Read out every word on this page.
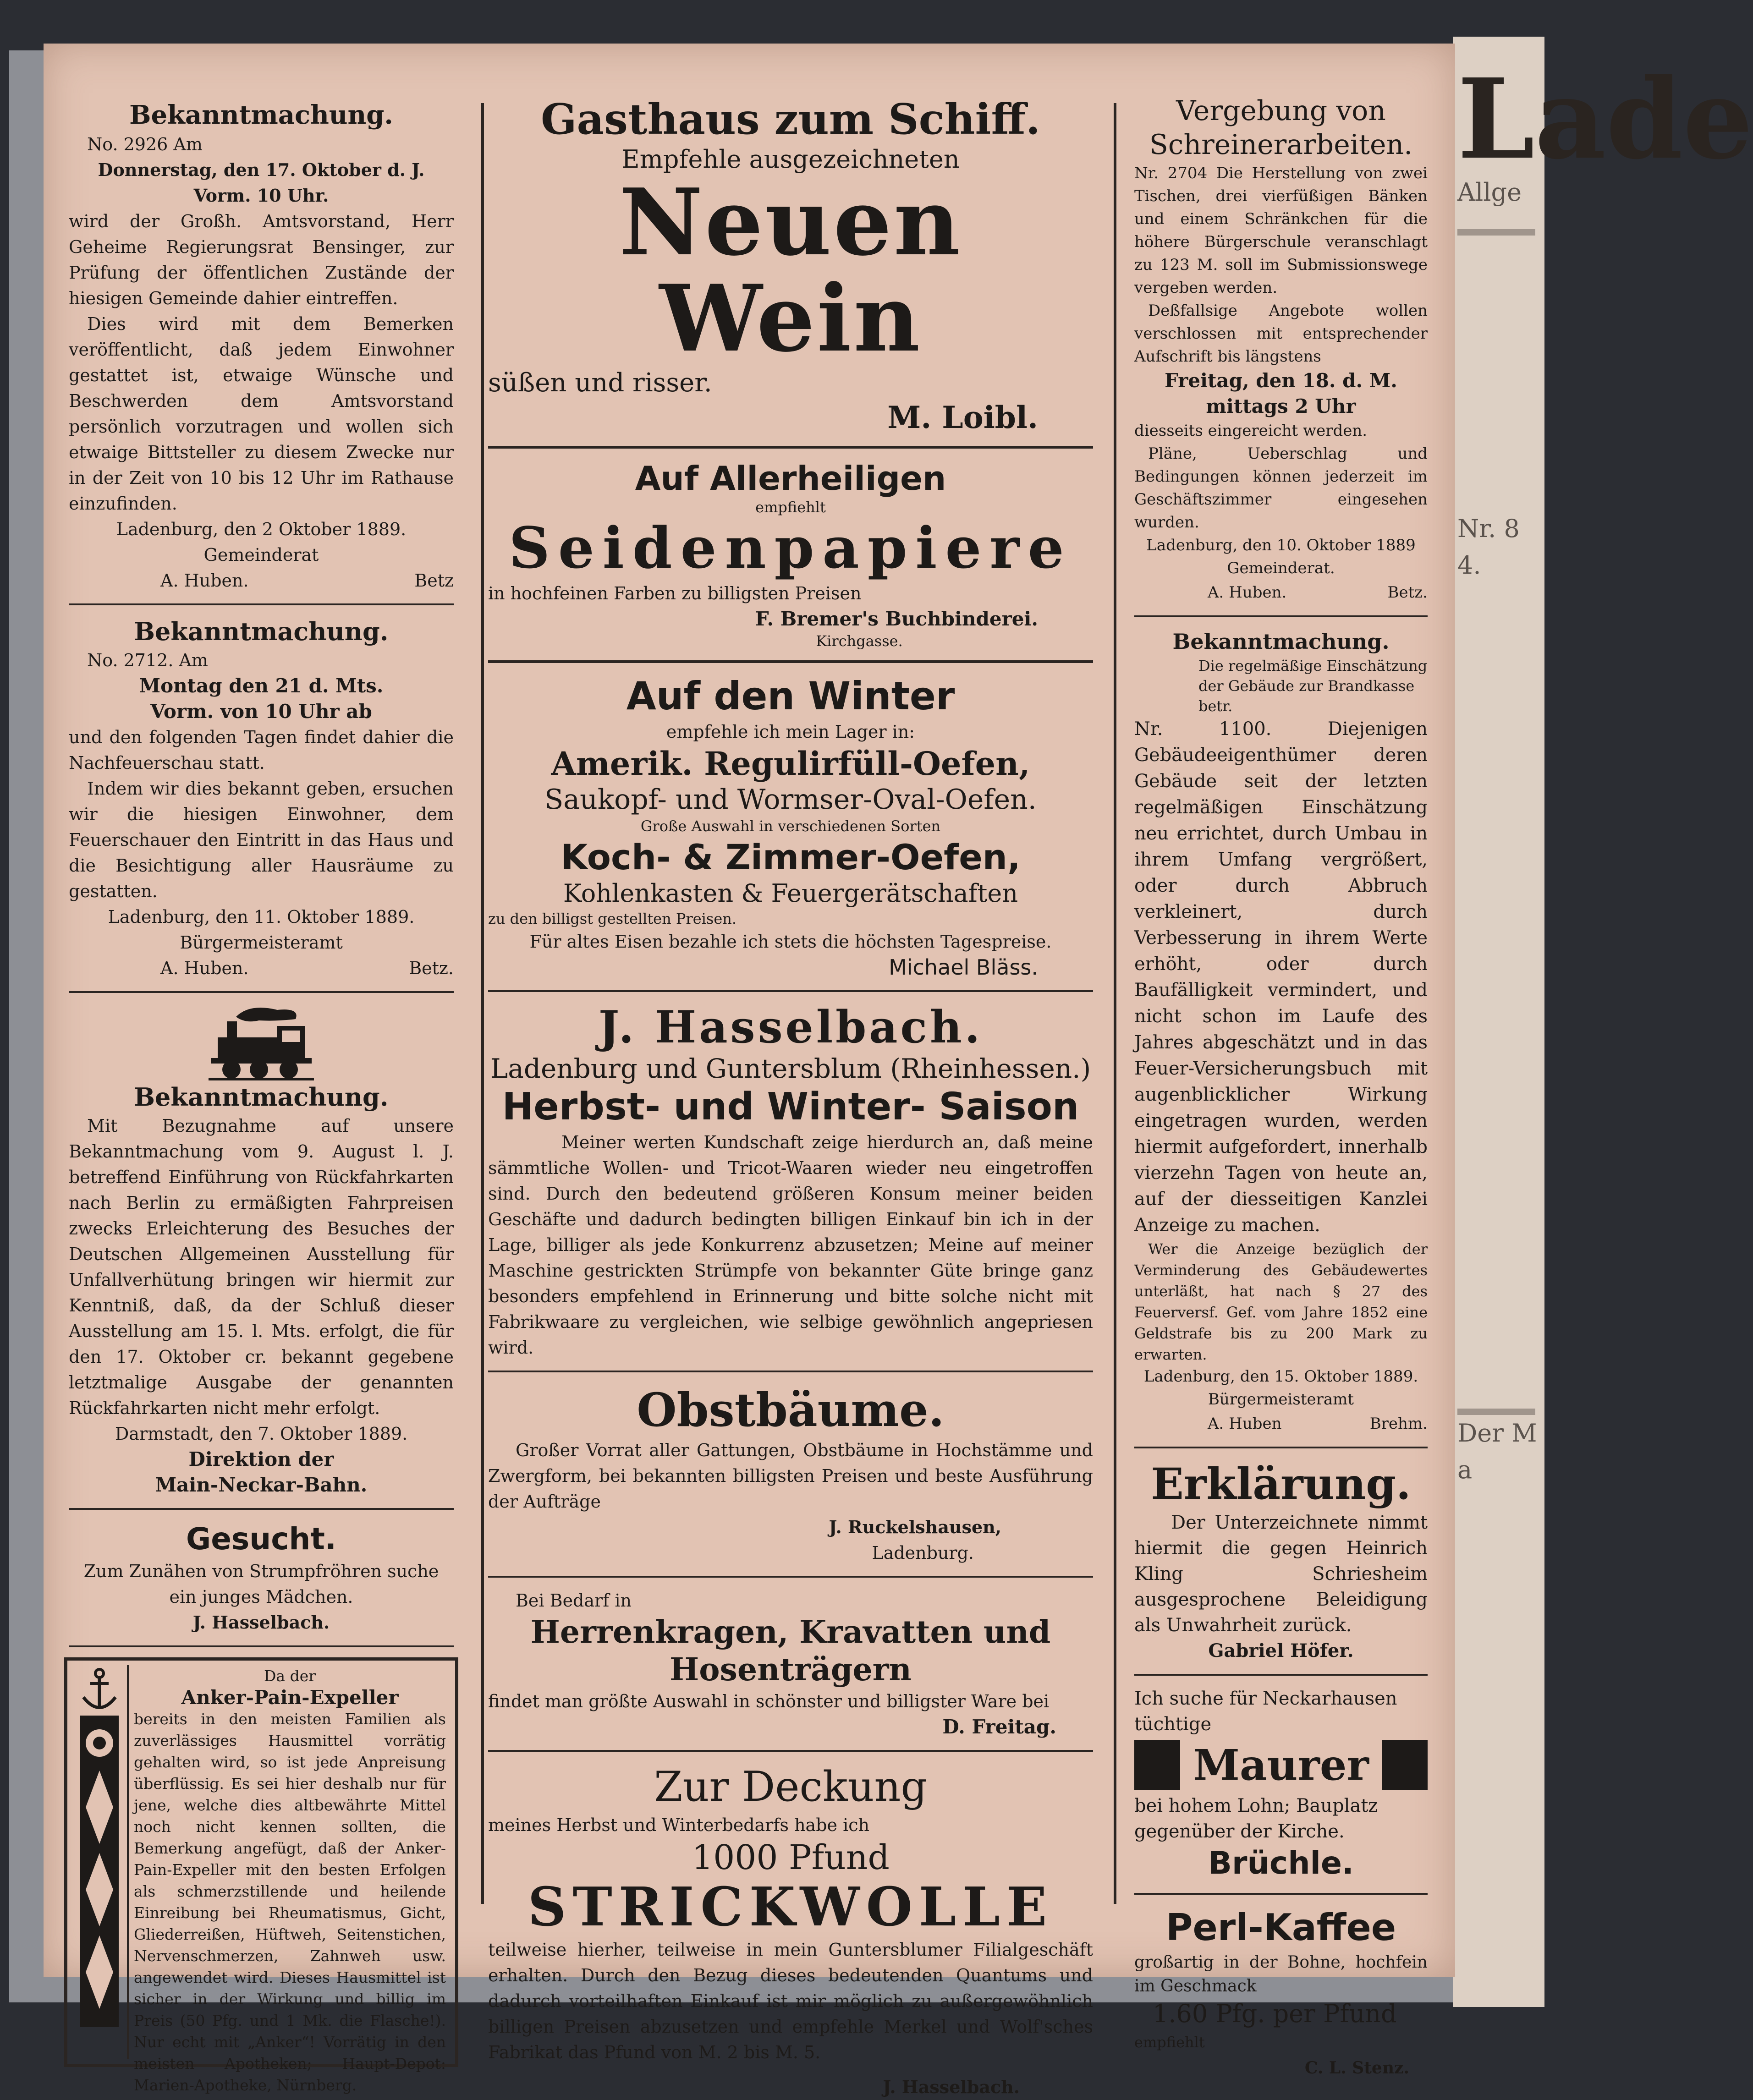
Lade
Allge
Nr. 84.
Der Ma

Bekanntmachung.

No. 2926 Am

Donnerstag, den 17. Oktober d. J.

Vorm. 10 Uhr.

wird der Großh. Amtsvorstand, Herr Geheime Regierungsrat Bensinger, zur Prüfung der öffentlichen Zustände der hiesigen Gemeinde dahier eintreffen.

Dies wird mit dem Bemerken veröffentlicht, daß jedem Einwohner gestattet ist, etwaige Wünsche und Beschwerden dem Amtsvorstand persönlich vorzutragen und wollen sich etwaige Bittsteller zu diesem Zwecke nur in der Zeit von 10 bis 12 Uhr im Rathause einzufinden.

Ladenburg, den 2 Oktober 1889.

Gemeinderat

A. Huben.	Betz

Bekanntmachung.

No. 2712. Am

Montag den 21 d. Mts.

Vorm. von 10 Uhr ab

und den folgenden Tagen findet dahier die Nachfeuerschau statt.

Indem wir dies bekannt geben, ersuchen wir die hiesigen Einwohner, dem Feuerschauer den Eintritt in das Haus und die Besichtigung aller Hausräume zu gestatten.

Ladenburg, den 11. Oktober 1889.

Bürgermeisteramt

A. Huben.	Betz.

Bekanntmachung.

Mit Bezugnahme auf unsere Bekanntmachung vom 9. August l. J. betreffend Einführung von Rückfahrkarten nach Berlin zu ermäßigten Fahrpreisen zwecks Erleichterung des Besuches der Deutschen Allgemeinen Ausstellung für Unfallverhütung bringen wir hiermit zur Kenntniß, daß, da der Schluß dieser Ausstellung am 15. l. Mts. erfolgt, die für den 17. Oktober cr. bekannt gegebene letztmalige Ausgabe der genannten Rückfahrkarten nicht mehr erfolgt.

Darmstadt, den 7. Oktober 1889.

Direktion der

Main-Neckar-Bahn.

Gesucht.

Zum Zunähen von Strumpfröhren suche ein junges Mädchen.

J. Hasselbach.

Da der

Anker-Pain-Expeller

bereits in den meisten Familien als zuverlässiges Hausmittel vorrätig gehalten wird, so ist jede Anpreisung überflüssig. Es sei hier deshalb nur für jene, welche dies altbewährte Mittel noch nicht kennen sollten, die Bemerkung angefügt, daß der Anker-Pain-Expeller mit den besten Erfolgen als schmerzstillende und heilende Einreibung bei Rheumatismus, Gicht, Gliederreißen, Hüftweh, Seitenstichen, Nervenschmerzen, Zahnweh usw. angewendet wird. Dieses Hausmittel ist sicher in der Wirkung und billig im Preis (50 Pfg. und 1 Mk. die Flasche!). Nur echt mit „Anker“! Vorrätig in den meisten Apotheken; Haupt-Depot: Marien-Apotheke, Nürnberg.

Gasthaus zum Schiff.

Empfehle ausgezeichneten

Neuen Wein

süßen und risser.

M. Loibl.

Auf Allerheiligen

empfiehlt

Seidenpapiere

in hochfeinen Farben zu billigsten Preisen

F. Bremer's Buchbinderei.

Kirchgasse.

Auf den Winter

empfehle ich mein Lager in:

Amerik. Regulirfüll-Oefen,

Saukopf- und Wormser-Oval-Oefen.

Große Auswahl in verschiedenen Sorten

Koch- & Zimmer-Oefen,

Kohlenkasten & Feuergerätschaften

zu den billigst gestellten Preisen.

Für altes Eisen bezahle ich stets die höchsten Tagespreise.

Michael Bläss.

J. Hasselbach.

Ladenburg und Guntersblum (Rheinhessen.)

Herbst- und Winter- Saison

Meiner werten Kundschaft zeige hierdurch an, daß meine sämmtliche Wollen- und Tricot-Waaren wieder neu eingetroffen sind. Durch den bedeutend größeren Konsum meiner beiden Geschäfte und dadurch bedingten billigen Einkauf bin ich in der Lage, billiger als jede Konkurrenz abzusetzen; Meine auf meiner Maschine gestrickten Strümpfe von bekannter Güte bringe ganz besonders empfehlend in Erinnerung und bitte solche nicht mit Fabrikwaare zu vergleichen, wie selbige gewöhnlich angepriesen wird.

Obstbäume.

Großer Vorrat aller Gattungen, Obstbäume in Hochstämme und Zwergform, bei bekannten billigsten Preisen und beste Ausführung der Aufträge

J. Ruckelshausen,

Ladenburg.

Bei Bedarf in

Herrenkragen, Kravatten und

Hosenträgern

findet man größte Auswahl in schönster und billigster Ware bei

D. Freitag.

Zur Deckung

meines Herbst und Winterbedarfs habe ich

1000 Pfund

STRICKWOLLE

teilweise hierher, teilweise in mein Guntersblumer Filialgeschäft erhalten. Durch den Bezug dieses bedeutenden Quantums und dadurch vorteilhaften Einkauf ist mir möglich zu außergewöhnlich billigen Preisen abzusetzen und empfehle Merkel und Wolf'sches Fabrikat das Pfund von M. 2 bis M. 5.

J. Hasselbach.

Vergebung von

Schreinerarbeiten.

Nr. 2704 Die Herstellung von zwei Tischen, drei vierfüßigen Bänken und einem Schränkchen für die höhere Bürgerschule veranschlagt zu 123 M. soll im Submissionswege vergeben werden.

Deßfallsige Angebote wollen verschlossen mit entsprechender Aufschrift bis längstens

Freitag, den 18. d. M.

mittags 2 Uhr

diesseits eingereicht werden.

Pläne, Ueberschlag und Bedingungen können jederzeit im Geschäftszimmer eingesehen wurden.

Ladenburg, den 10. Oktober 1889

Gemeinderat.

A. Huben.	Betz.

Bekanntmachung.

Die regelmäßige Einschätzung der Gebäude zur Brandkasse betr.

Nr. 1100. Diejenigen Gebäudeeigenthümer deren Gebäude seit der letzten regelmäßigen Einschätzung neu errichtet, durch Umbau in ihrem Umfang vergrößert, oder durch Abbruch verkleinert, durch Verbesserung in ihrem Werte erhöht, oder durch Baufälligkeit vermindert, und nicht schon im Laufe des Jahres abgeschätzt und in das Feuer-Versicherungsbuch mit augenblicklicher Wirkung eingetragen wurden, werden hiermit aufgefordert, innerhalb vierzehn Tagen von heute an, auf der diesseitigen Kanzlei Anzeige zu machen.

Wer die Anzeige bezüglich der Verminderung des Gebäudewertes unterläßt, hat nach § 27 des Feuerversf. Gef. vom Jahre 1852 eine Geldstrafe bis zu 200 Mark zu erwarten.

Ladenburg, den 15. Oktober 1889.

Bürgermeisteramt

A. Huben	Brehm.

Erklärung.

Der Unterzeichnete nimmt hiermit die gegen Heinrich Kling Schriesheim ausgesprochene Beleidigung als Unwahrheit zurück.

Gabriel Höfer.

Ich suche für Neckarhausen tüchtige

Maurer

bei hohem Lohn; Bauplatz gegenüber der Kirche.

Brüchle.

Perl-Kaffee

großartig in der Bohne, hochfein im Geschmack

1.60 Pfg. per Pfund

empfiehlt

C. L. Stenz.
